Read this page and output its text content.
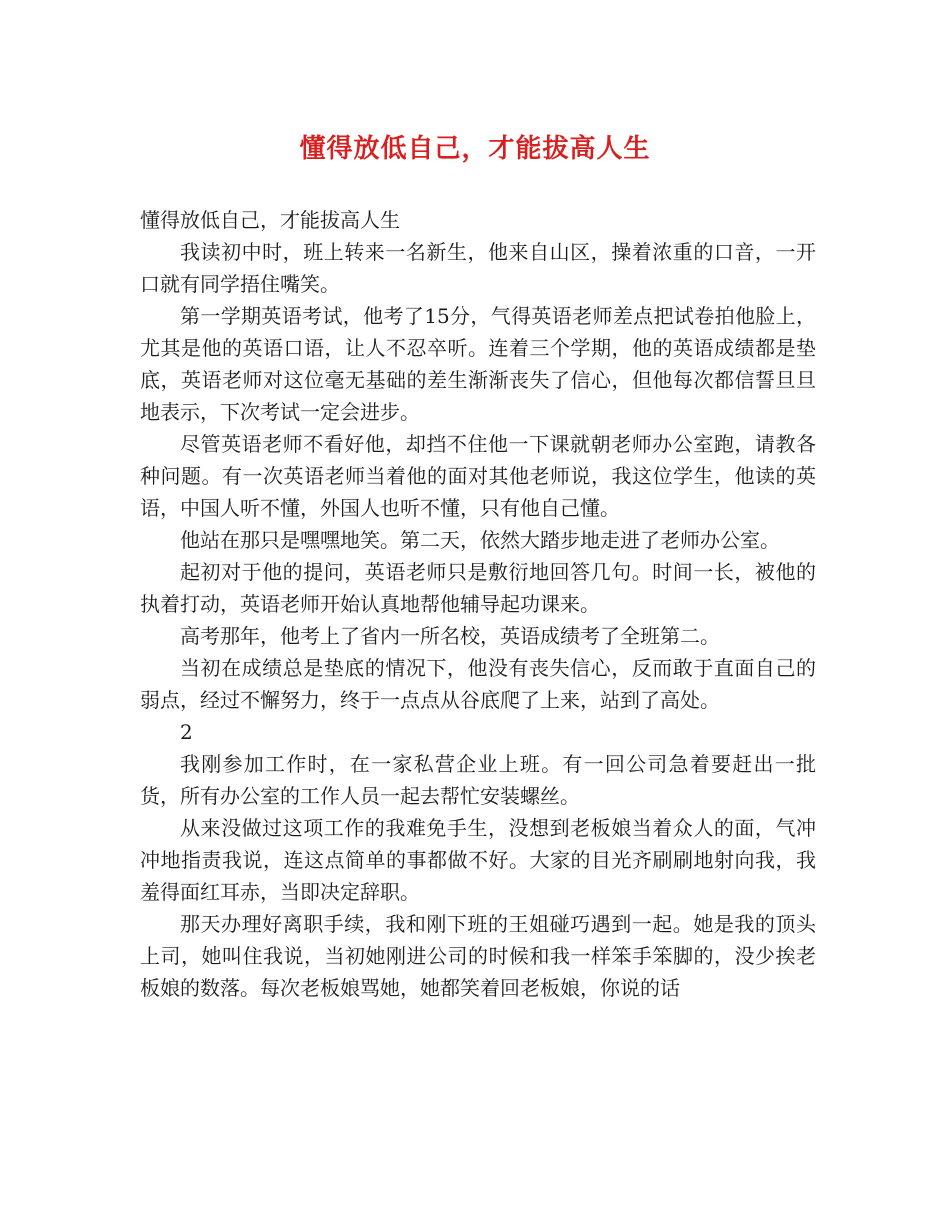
懂得放低自己，才能拔高人生

懂得放低自己，才能拔高人生

我读初中时，班上转来一名新生，他来自山区，操着浓重的口音，一开口就有同学捂住嘴笑。

第一学期英语考试，他考了15分，气得英语老师差点把试卷拍他脸上，尤其是他的英语口语，让人不忍卒听。连着三个学期，他的英语成绩都是垫底，英语老师对这位毫无基础的差生渐渐丧失了信心，但他每次都信誓旦旦地表示，下次考试一定会进步。

尽管英语老师不看好他，却挡不住他一下课就朝老师办公室跑，请教各种问题。有一次英语老师当着他的面对其他老师说，我这位学生，他读的英语，中国人听不懂，外国人也听不懂，只有他自己懂。

他站在那只是嘿嘿地笑。第二天，依然大踏步地走进了老师办公室。

起初对于他的提问，英语老师只是敷衍地回答几句。时间一长，被他的执着打动，英语老师开始认真地帮他辅导起功课来。

高考那年，他考上了省内一所名校，英语成绩考了全班第二。

当初在成绩总是垫底的情况下，他没有丧失信心，反而敢于直面自己的弱点，经过不懈努力，终于一点点从谷底爬了上来，站到了高处。

2

我刚参加工作时，在一家私营企业上班。有一回公司急着要赶出一批货，所有办公室的工作人员一起去帮忙安装螺丝。

从来没做过这项工作的我难免手生，没想到老板娘当着众人的面，气冲冲地指责我说，连这点简单的事都做不好。大家的目光齐刷刷地射向我，我羞得面红耳赤，当即决定辞职。

那天办理好离职手续，我和刚下班的王姐碰巧遇到一起。她是我的顶头上司，她叫住我说，当初她刚进公司的时候和我一样笨手笨脚的，没少挨老板娘的数落。每次老板娘骂她，她都笑着回老板娘，你说的话
